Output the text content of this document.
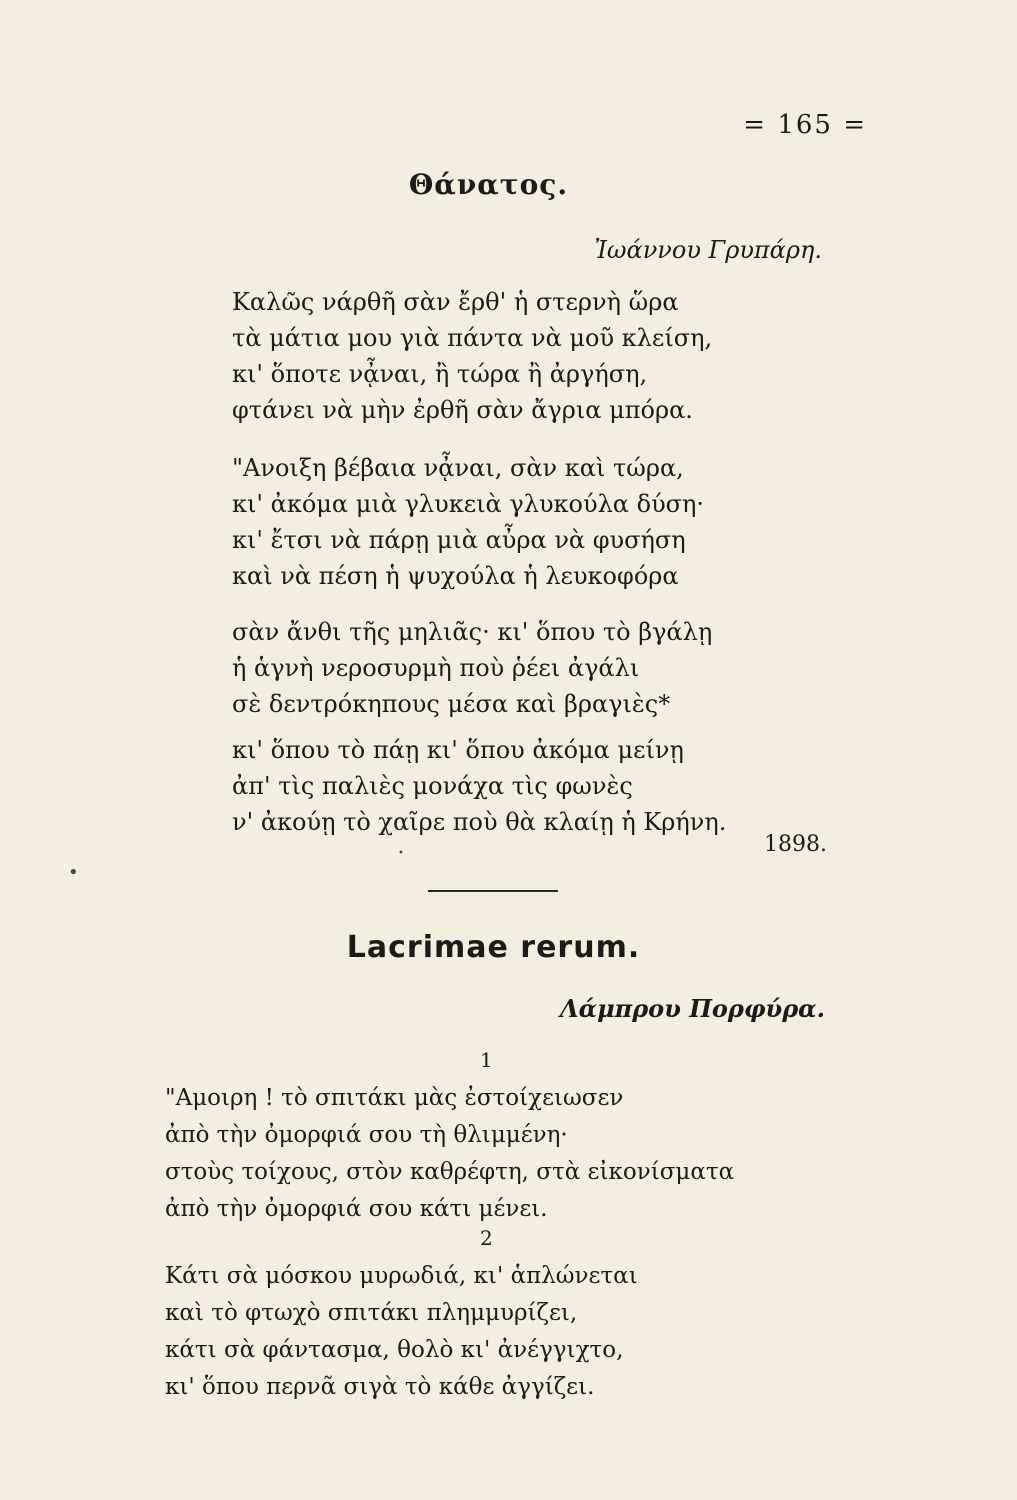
= 165 =
Θάνατος.
Ἰωάννου Γρυπάρη.
Καλῶς νάρθῆ σὰν ἔρθ' ἡ στερνὴ ὥρα
τὰ μάτια μου γιὰ πάντα νὰ μοῦ κλείση,
κι' ὅποτε νᾆναι, ἢ τώρα ἢ ἀργήση,
φτάνει νὰ μὴν ἐρθῆ σὰν ἄγρια μπόρα.
"Ανοιξη βέβαια νᾆναι, σὰν καὶ τώρα,
κι' ἀκόμα μιὰ γλυκειὰ γλυκούλα δύση·
κι' ἔτσι νὰ πάρῃ μιὰ αὖρα νὰ φυσήση
καὶ νὰ πέση ἡ ψυχούλα ἡ λευκοφόρα
σὰν ἄνθι τῆς μηλιᾶς· κι' ὅπου τὸ βγάλῃ
ἡ ἁγνὴ νεροσυρμὴ ποὺ ῥέει ἀγάλι
σὲ δεντρόκηπους μέσα καὶ βραγιὲς*
κι' ὅπου τὸ πάῃ κι' ὅπου ἀκόμα μείνῃ
ἀπ' τὶς παλιὲς μονάχα τὶς φωνὲς
ν' ἀκούῃ τὸ χαῖρε ποὺ θὰ κλαίῃ ἡ Κρήνη.
1898.
•
•
Lacrimae rerum.
Λάμπρου Πορφύρα.
1
"Αμοιρη ! τὸ σπιτάκι μὰς ἐστοίχειωσεν
ἀπὸ τὴν ὀμορφιά σου τὴ θλιμμένη·
στοὺς τοίχους, στὸν καθρέφτη, στὰ εἰκονίσματα
ἀπὸ τὴν ὀμορφιά σου κάτι μένει.
2
Κάτι σὰ μόσκου μυρωδιά, κι' ἁπλώνεται
καὶ τὸ φτωχὸ σπιτάκι πλημμυρίζει,
κάτι σὰ φάντασμα, θολὸ κι' ἀνέγγιχτο,
κι' ὅπου περνᾶ σιγὰ τὸ κάθε ἀγγίζει.
